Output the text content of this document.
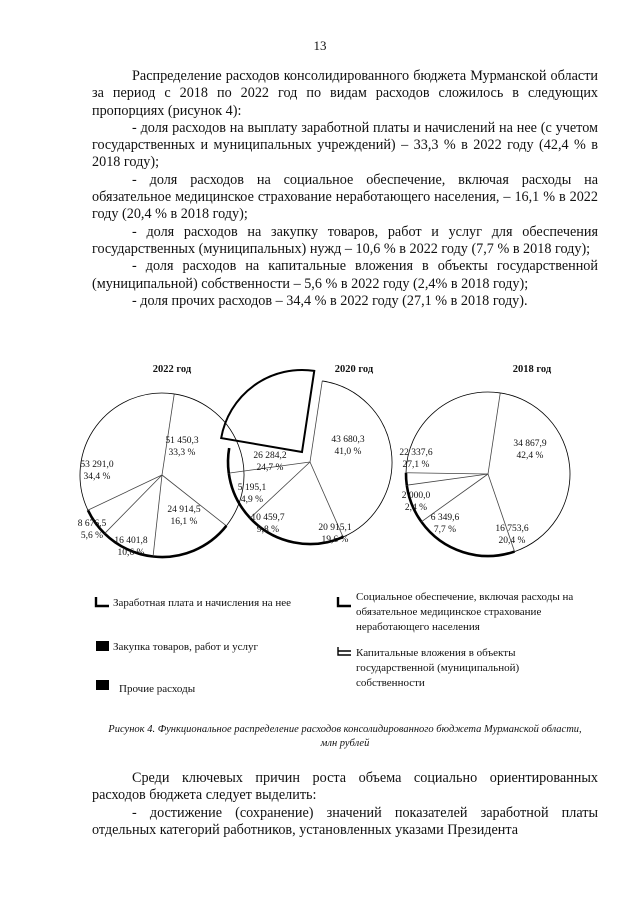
13

Распределение расходов консолидированного бюджета Мурманской области за период с 2018 по 2022 год по видам расходов сложилось в следующих пропорциях (рисунок 4):

- доля расходов на выплату заработной платы и начислений на нее (с учетом государственных и муниципальных учреждений) – 33,3 % в 2022 году (42,4 % в 2018 году);

- доля расходов на социальное обеспечение, включая расходы на обязательное медицинское страхование неработающего населения, – 16,1 % в 2022 году (20,4 % в 2018 году);

- доля расходов на закупку товаров, работ и услуг для обеспечения государственных (муниципальных) нужд – 10,6 % в 2022 году (7,7 % в 2018 году);

- доля расходов на капитальные вложения в объекты государственной (муниципальной) собственности – 5,6 % в 2022 году (2,4% в 2018 году);

- доля прочих расходов – 34,4 % в 2022 году (27,1 % в 2018 году).

2022 год	2020 год	2018 год
51 450,3
33,3 %
24 914,5
16,1 %
16 401,8
10,6 %
8 676,5
5,6 %
53 291,0
34,4 %
43 680,3
41,0 %
20 915,1
19,6 %
10 459,7
9,8 %
5 195,1
4,9 %
26 284,2
24,7 %
34 867,9
42,4 %
16 753,6
20,4 %
6 349,6
7,7 %
2 000,0
2,4 %
22 337,6
27,1 %
Заработная плата и начисления на нее	Социальное обеспечение, включая расходы на обязательное медицинское страхование неработающего населения
Закупка товаров, работ и услуг	Капитальные вложения в объекты государственной (муниципальной) собственности
Прочие расходы
Рисунок 4. Функциональное распределение расходов консолидированного бюджета Мурманской области, млн рублей

Среди ключевых причин роста объема социально ориентированных расходов бюджета следует выделить:

- достижение (сохранение) значений показателей заработной платы отдельных категорий работников, установленных указами Президента
